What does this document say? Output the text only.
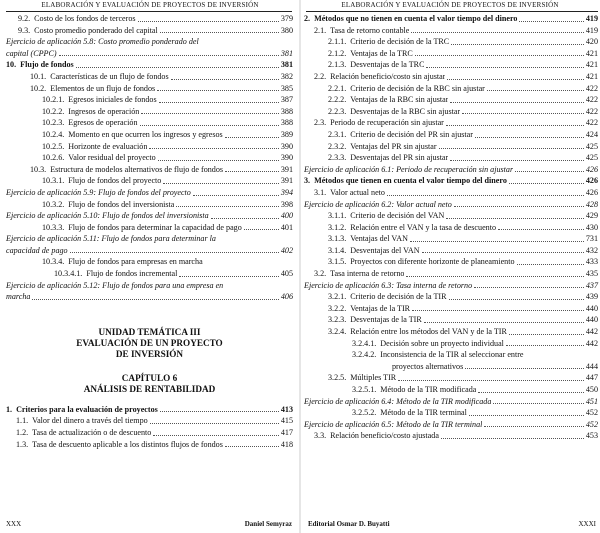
ELABORACIÓN Y EVALUACIÓN DE PROYECTOS DE INVERSIÓN
9.2. Costo de los fondos de terceros	379
9.3. Costo promedio ponderado del capital	380
Ejercicio de aplicación 5.8: Costo promedio ponderado del
capital (CPPC)	381
10. Flujo de fondos	381
10.1. Características de un flujo de fondos	382
10.2. Elementos de un flujo de fondos	385
10.2.1. Egresos iniciales de fondos	387
10.2.2. Ingresos de operación	388
10.2.3. Egresos de operación	388
10.2.4. Momento en que ocurren los ingresos y egresos	389
10.2.5. Horizonte de evaluación	390
10.2.6. Valor residual del proyecto	390
10.3. Estructura de modelos alternativos de flujo de fondos	391
10.3.1. Flujo de fondos del proyecto	391
Ejercicio de aplicación 5.9: Flujo de fondos del proyecto	394
10.3.2. Flujo de fondos del inversionista	398
Ejercicio de aplicación 5.10: Flujo de fondos del inversionista	400
10.3.3. Flujo de fondos para determinar la capacidad de pago	401
Ejercicio de aplicación 5.11: Flujo de fondos para determinar la
capacidad de pago	402
10.3.4. Flujo de fondos para empresas en marcha
10.3.4.1. Flujo de fondos incremental	405
Ejercicio de aplicación 5.12: Flujo de fondos para una empresa en
marcha	406
UNIDAD TEMÁTICA III
EVALUACIÓN DE UN PROYECTO
DE INVERSIÓN
CAPÍTULO 6
ANÁLISIS DE RENTABILIDAD
1. Criterios para la evaluación de proyectos	413
1.1. Valor del dinero a través del tiempo	415
1.2. Tasa de actualización o de descuento	417
1.3. Tasa de descuento aplicable a los distintos flujos de fondos	418
XXX	Daniel Semyraz
ELABORACIÓN Y EVALUACIÓN DE PROYECTOS DE INVERSIÓN
2. Métodos que no tienen en cuenta el valor tiempo del dinero	419
2.1. Tasa de retorno contable	419
2.1.1. Criterio de decisión de la TRC	420
2.1.2. Ventajas de la TRC	421
2.1.3. Desventajas de la TRC	421
2.2. Relación beneficio/costo sin ajustar	421
2.2.1. Criterio de decisión de la RBC sin ajustar	422
2.2.2. Ventajas de la RBC sin ajustar	422
2.2.3. Desventajas de la RBC sin ajustar	422
2.3. Periodo de recuperación sin ajustar	422
2.3.1. Criterio de decisión del PR sin ajustar	424
2.3.2. Ventajas del PR sin ajustar	425
2.3.3. Desventajas del PR sin ajustar	425
Ejercicio de aplicación 6.1: Periodo de recuperación sin ajustar	426
3. Métodos que tienen en cuenta el valor tiempo del dinero	426
3.1. Valor actual neto	426
Ejercicio de aplicación 6.2: Valor actual neto	428
3.1.1. Criterio de decisión del VAN	429
3.1.2. Relación entre el VAN y la tasa de descuento	430
3.1.3. Ventajas del VAN	731
3.1.4. Desventajas del VAN	432
3.1.5. Proyectos con diferente horizonte de planeamiento	433
3.2. Tasa interna de retorno	435
Ejercicio de aplicación 6.3: Tasa interna de retorno	437
3.2.1. Criterio de decisión de la TIR	439
3.2.2. Ventajas de la TIR	440
3.2.3. Desventajas de la TIR	440
3.2.4. Relación entre los métodos del VAN y de la TIR	442
3.2.4.1. Decisión sobre un proyecto individual	442
3.2.4.2. Inconsistencia de la TIR al seleccionar entre
proyectos alternativos	444
3.2.5. Múltiples TIR	447
3.2.5.1. Método de la TIR modificada	450
Ejercicio de aplicación 6.4: Método de la TIR modificada	451
3.2.5.2. Método de la TIR terminal	452
Ejercicio de aplicación 6.5: Método de la TIR terminal	452
3.3. Relación beneficio/costo ajustada	453
Editorial Osmar D. Buyatti	XXXI
